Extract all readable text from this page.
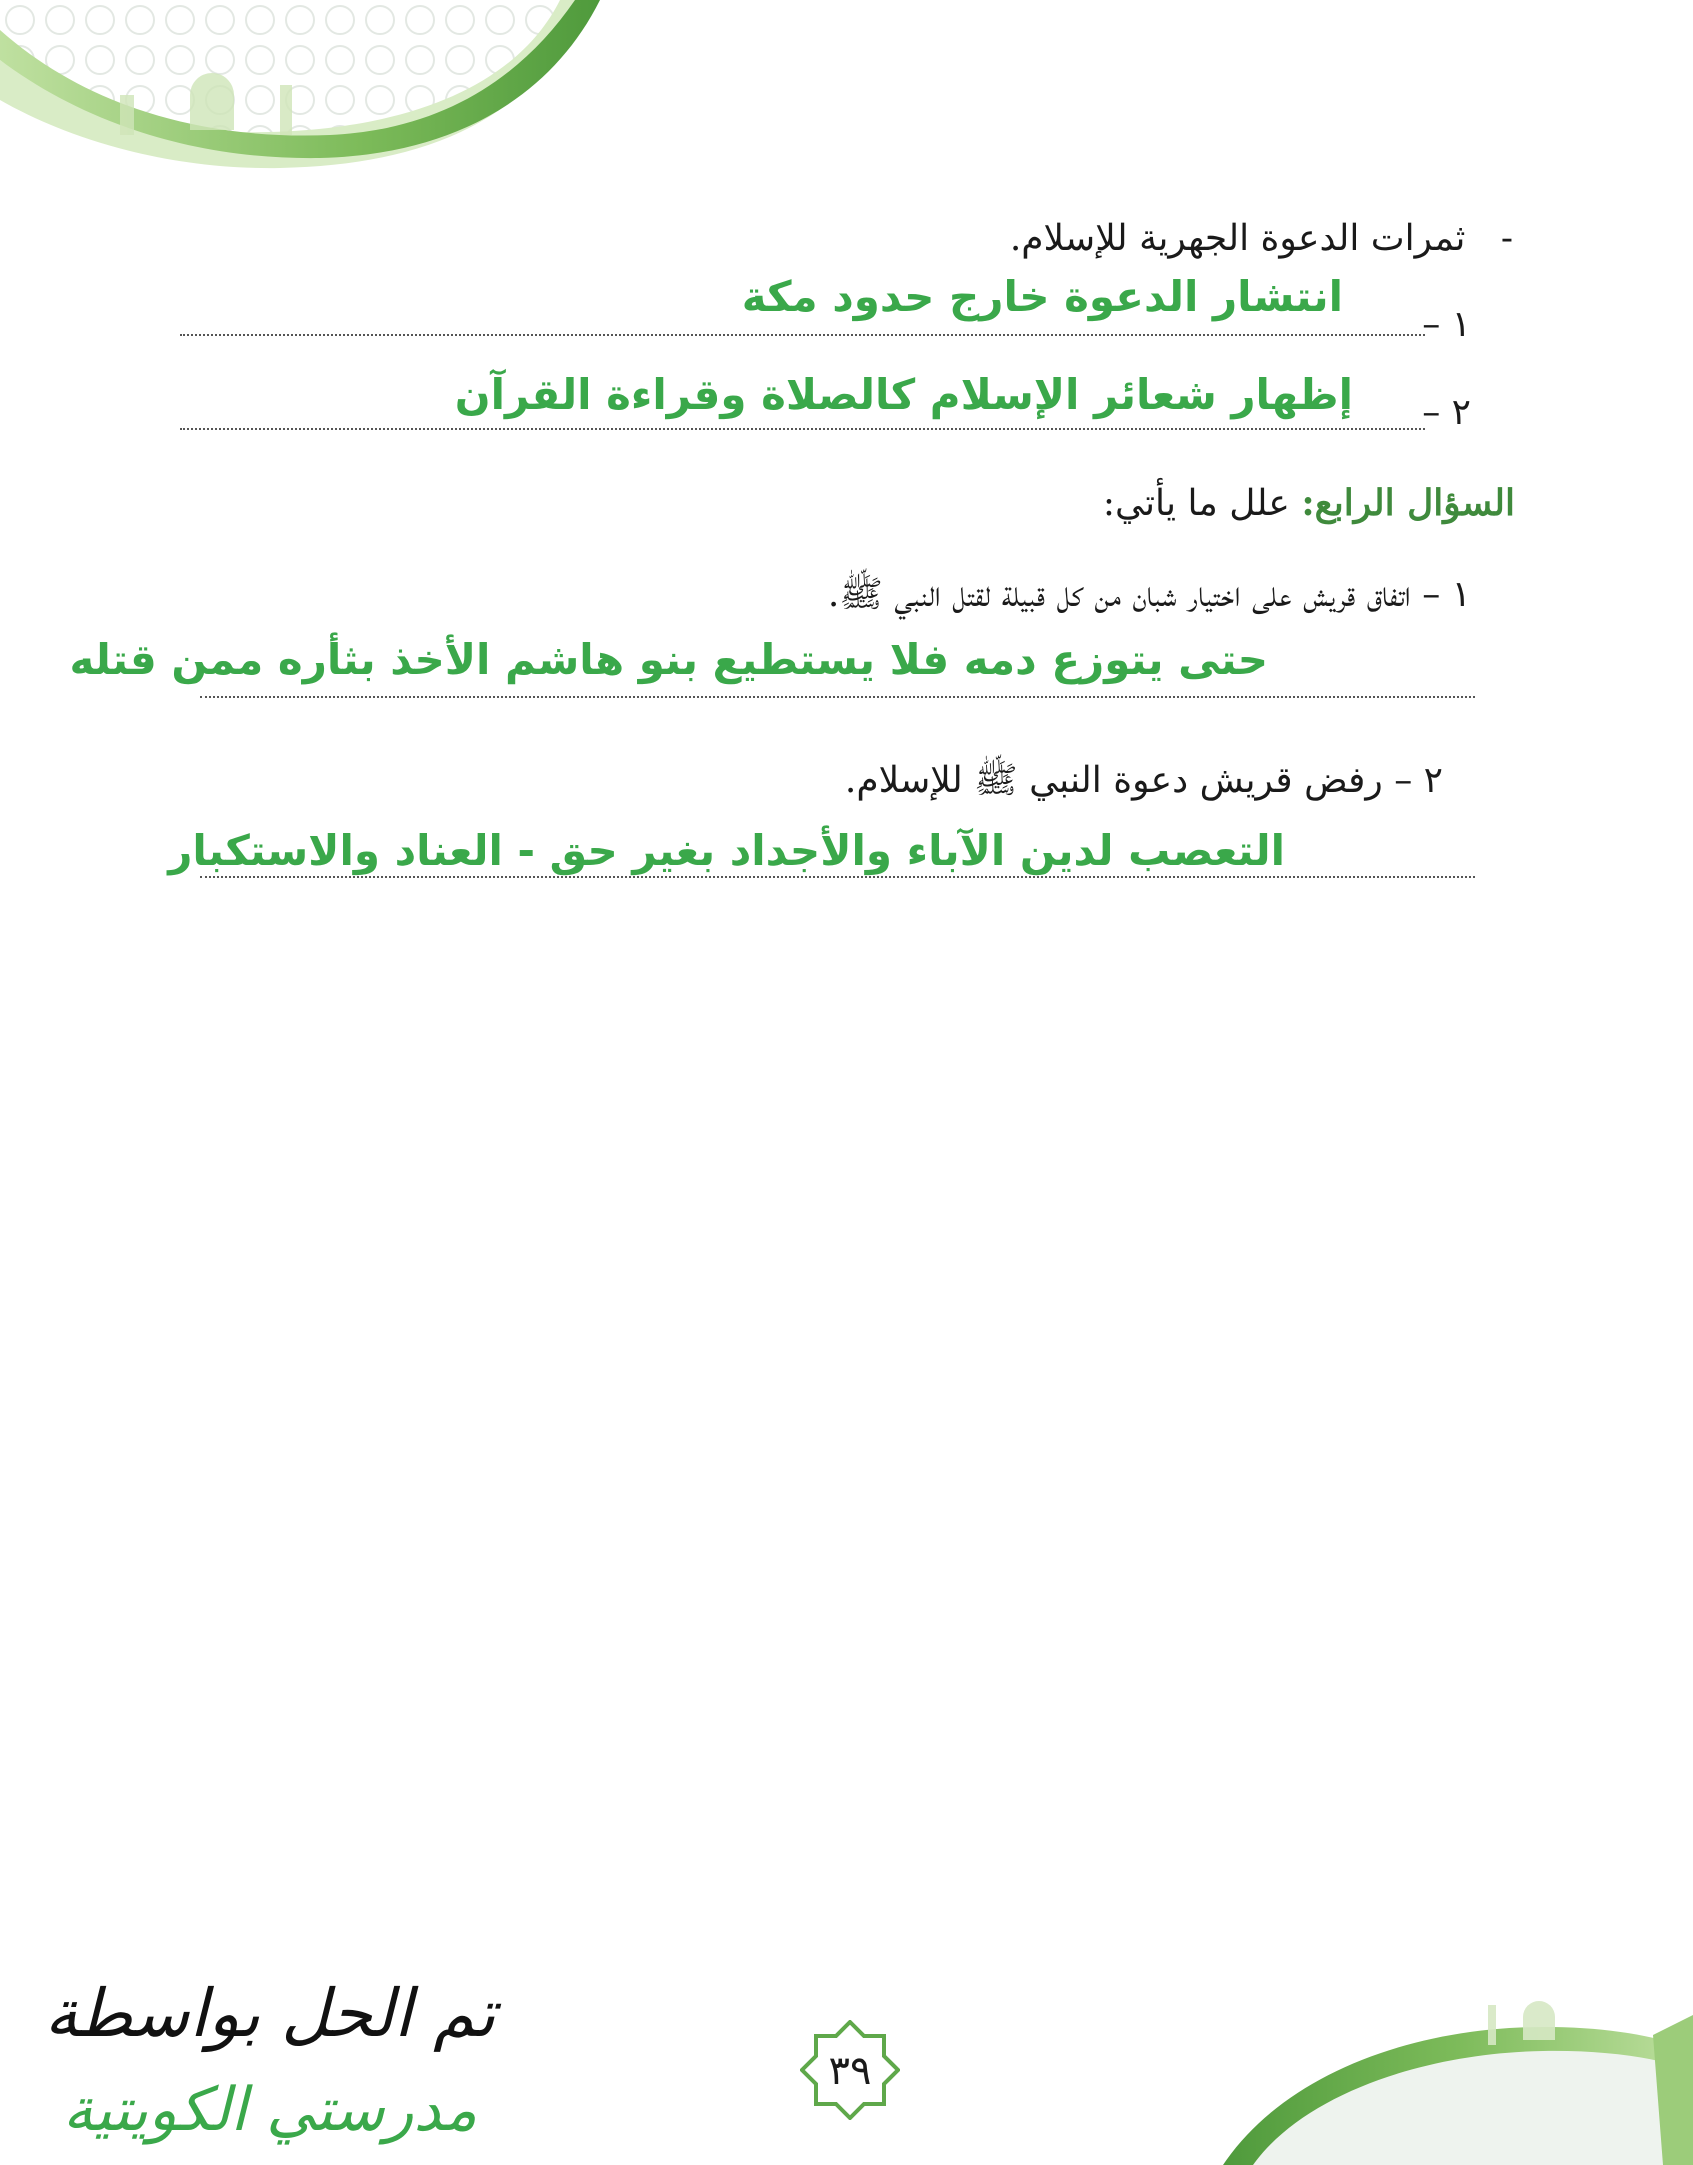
- ثمرات الدعوة الجهرية للإسلام.
١ –
انتشار الدعوة خارج حدود مكة
٢ –
إظهار شعائر الإسلام كالصلاة وقراءة القرآن
السؤال الرابع: علل ما يأتي:
١ – اتفاق قريش على اختيار شبان من كل قبيلة لقتل النبي ﷺ.
حتى يتوزع دمه فلا يستطيع بنو هاشم الأخذ بثأره ممن قتله
٢ – رفض قريش دعوة النبي ﷺ للإسلام.
التعصب لدين الآباء والأجداد بغير حق - العناد والاستكبار
٣٩
تم الحل بواسطة
مدرستي الكويتية
